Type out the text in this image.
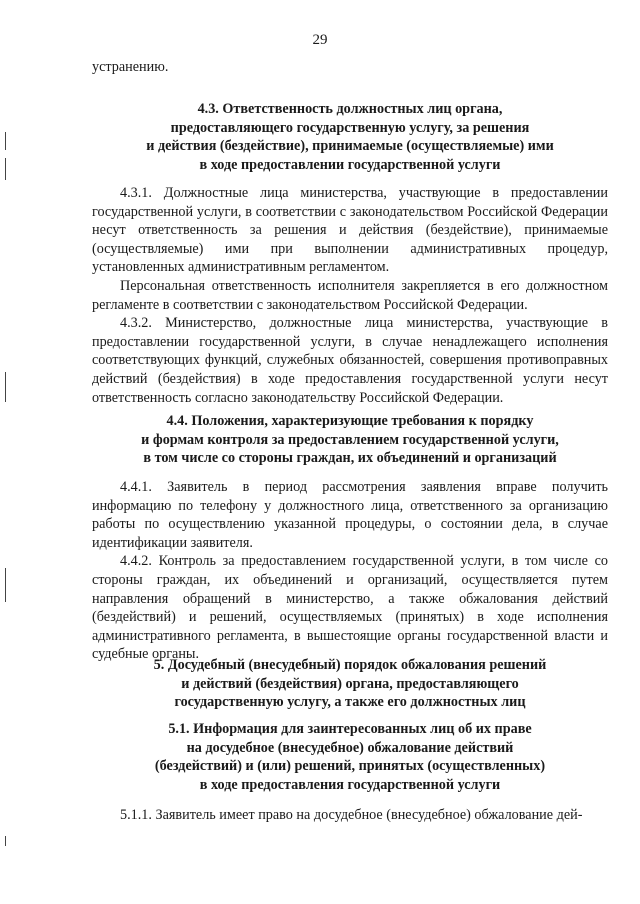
29

устранению.

4.3. Ответственность должностных лиц органа,
предоставляющего государственную услугу, за решения
и действия (бездействие), принимаемые (осуществляемые) ими
в ходе предоставлении государственной услуги

4.3.1. Должностные лица министерства, участвующие в предоставлении государственной услуги, в соответствии с законодательством Российской Федерации несут ответственность за решения и действия (бездействие), принимаемые (осуществляемые) ими при выполнении административных процедур, установленных административным регламентом.

Персональная ответственность исполнителя закрепляется в его должностном регламенте в соответствии с законодательством Российской Федерации.

4.3.2. Министерство, должностные лица министерства, участвующие в предоставлении государственной услуги, в случае ненадлежащего исполнения соответствующих функций, служебных обязанностей, совершения противоправных действий (бездействия) в ходе предоставления государственной услуги несут ответственность согласно законодательству Российской Федерации.

4.4. Положения, характеризующие требования к порядку
и формам контроля за предоставлением государственной услуги,
в том числе со стороны граждан, их объединений и организаций

4.4.1. Заявитель в период рассмотрения заявления вправе получить информацию по телефону у должностного лица, ответственного за организацию работы по осуществлению указанной процедуры, о состоянии дела, в случае идентификации заявителя.

4.4.2. Контроль за предоставлением государственной услуги, в том числе со стороны граждан, их объединений и организаций, осуществляется путем направления обращений в министерство, а также обжалования действий (бездействий) и решений, осуществляемых (принятых) в ходе исполнения административного регламента, в вышестоящие органы государственной власти и судебные органы.

5. Досудебный (внесудебный) порядок обжалования решений
и действий (бездействия) органа, предоставляющего
государственную услугу, а также его должностных лиц
5.1. Информация для заинтересованных лиц об их праве
на досудебное (внесудебное) обжалование действий
(бездействий) и (или) решений, принятых (осуществленных)
в ходе предоставления государственной услуги

5.1.1. Заявитель имеет право на досудебное (внесудебное) обжалование дей-
